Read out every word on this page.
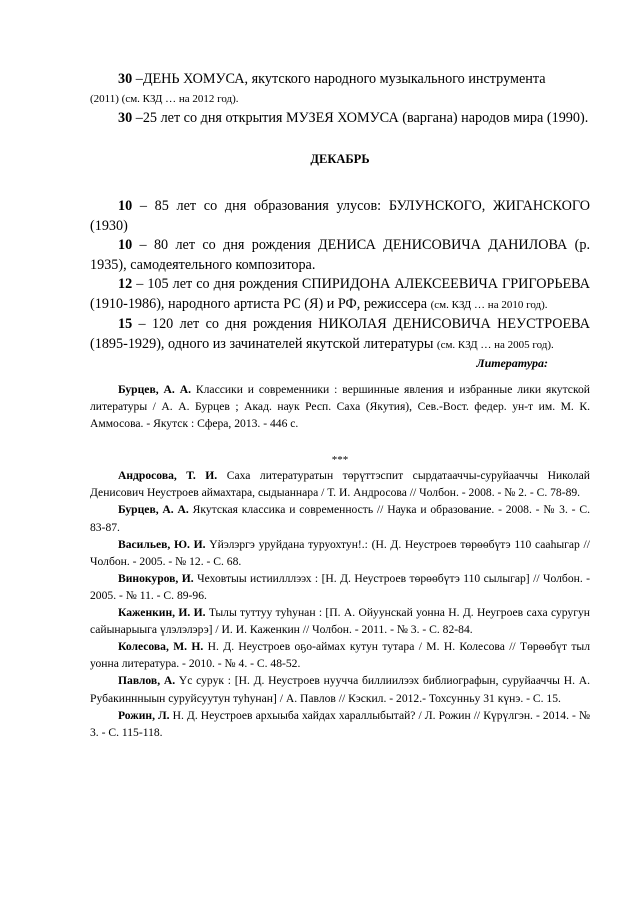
30 –ДЕНЬ ХОМУСА, якутского народного музыкального инструмента

(2011) (см. КЗД … на 2012 год).

30 –25 лет со дня открытия МУЗЕЯ ХОМУСА (варгана) народов мира (1990).

ДЕКАБРЬ

10 – 85 лет со дня образования улусов: БУЛУНСКОГО, ЖИГАНСКОГО (1930)

10 – 80 лет со дня рождения ДЕНИСА ДЕНИСОВИЧА ДАНИЛОВА (р. 1935), самодеятельного композитора.

12 – 105 лет со дня рождения СПИРИДОНА АЛЕКСЕЕВИЧА ГРИГОРЬЕВА (1910-1986), народного артиста РС (Я) и РФ, режиссера (см. КЗД … на 2010 год).

15 – 120 лет со дня рождения НИКОЛАЯ ДЕНИСОВИЧА НЕУСТРОЕВА (1895-1929), одного из зачинателей якутской литературы (см. КЗД … на 2005 год).

Литература:

Бурцев, А. А. Классики и современники : вершинные явления и избранные лики якутской литературы / А. А. Бурцев ; Акад. наук Респ. Саха (Якутия), Сев.-Вост. федер. ун-т им. М. К. Аммосова. - Якутск : Сфера, 2013. - 446 с.

***

Андросова, Т. И. Саха литературатын төрүттэспит сырдатааччы-суруйааччы Николай Денисович Неустроев аймахтара, сыдыаннара / Т. И. Андросова // Чолбон. - 2008. - № 2. - С. 78-89.

Бурцев, А. А. Якутская классика и современность // Наука и образование. - 2008. - № 3. - С. 83-87.

Васильев, Ю. И. Үйэлэргэ уруйдана туруохтун!.: (Н. Д. Неустроев төрөөбүтэ 110 сааһыгар // Чолбон. - 2005. - № 12. - С. 68.

Винокуров, И. Чеховтыы истиилллээх : [Н. Д. Неустроев төрөөбүтэ 110 сылыгар] // Чолбон. - 2005. - № 11. - С. 89-96.

Каженкин, И. И. Тылы туттуу туһунан : [П. А. Ойуунскай уонна Н. Д. Неугроев саха суругун сайынарыыга үлэлэлэрэ] / И. И. Каженкин // Чолбон. - 2011. - № 3. - С. 82-84.

Колесова, М. Н. Н. Д. Неустроев оҕо-аймах кутун тутара / М. Н. Колесова // Төрөөбүт тыл уонна литература. - 2010. - № 4. - С. 48-52.

Павлов, А. Үс сурук : [Н. Д. Неустроев нуучча биллиилээх библиографын, суруйааччы Н. А. Рубакиннныын суруйсуутун туһунан] / А. Павлов // Кэскил. - 2012.- Тохсунньу 31 күнэ. - С. 15.

Рожин, Л. Н. Д. Неустроев архыыба хайдах хараллыбытай? / Л. Рожин // Күрүлгэн. - 2014. - № 3. - С. 115-118.
